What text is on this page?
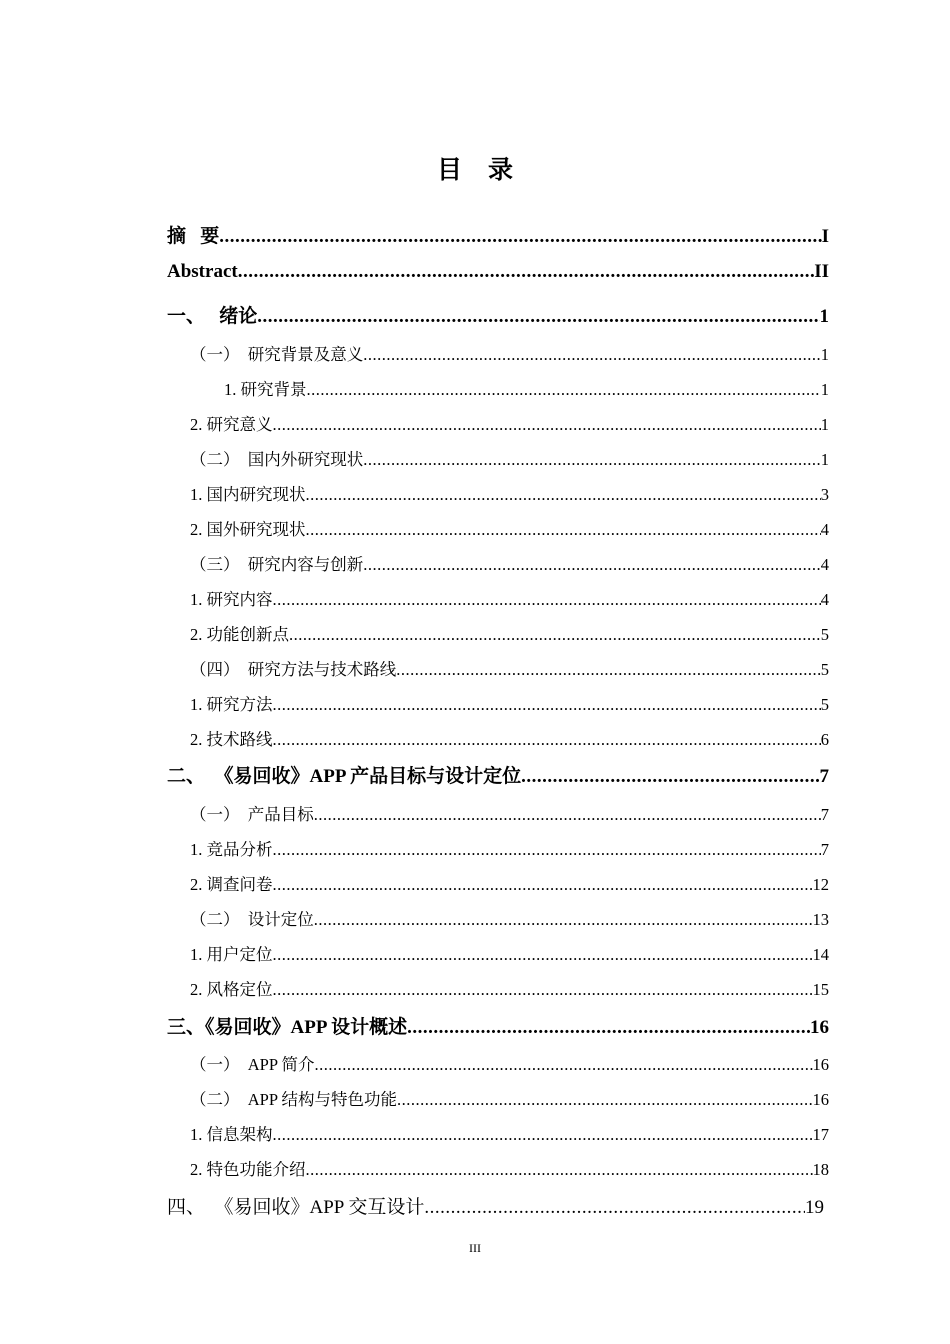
目 录
摘   要 .....	I
Abstract .....	II
一、   绪论 .....	1
（一）  研究背景及意义 .....	1
1. 研究背景 .....	1
2. 研究意义 .....	1
（二）  国内外研究现状 .....	1
1. 国内研究现状 .....	3
2. 国外研究现状 .....	4
（三）  研究内容与创新 .....	4
1. 研究内容 .....	4
2. 功能创新点 .....	5
（四）  研究方法与技术路线 .....	5
1. 研究方法 .....	5
2. 技术路线 .....	6
二、  《易回收》APP 产品目标与设计定位 .....	7
（一）  产品目标 .....	7
1. 竞品分析 .....	7
2. 调查问卷 .....	12
（二）  设计定位 .....	13
1. 用户定位 .....	14
2. 风格定位 .....	15
三、《易回收》APP 设计概述 .....	16
（一）  APP 简介 .....	16
（二）  APP 结构与特色功能 .....	16
1. 信息架构 .....	17
2. 特色功能介绍 .....	18
四、  《易回收》APP 交互设计 .....	19
III
